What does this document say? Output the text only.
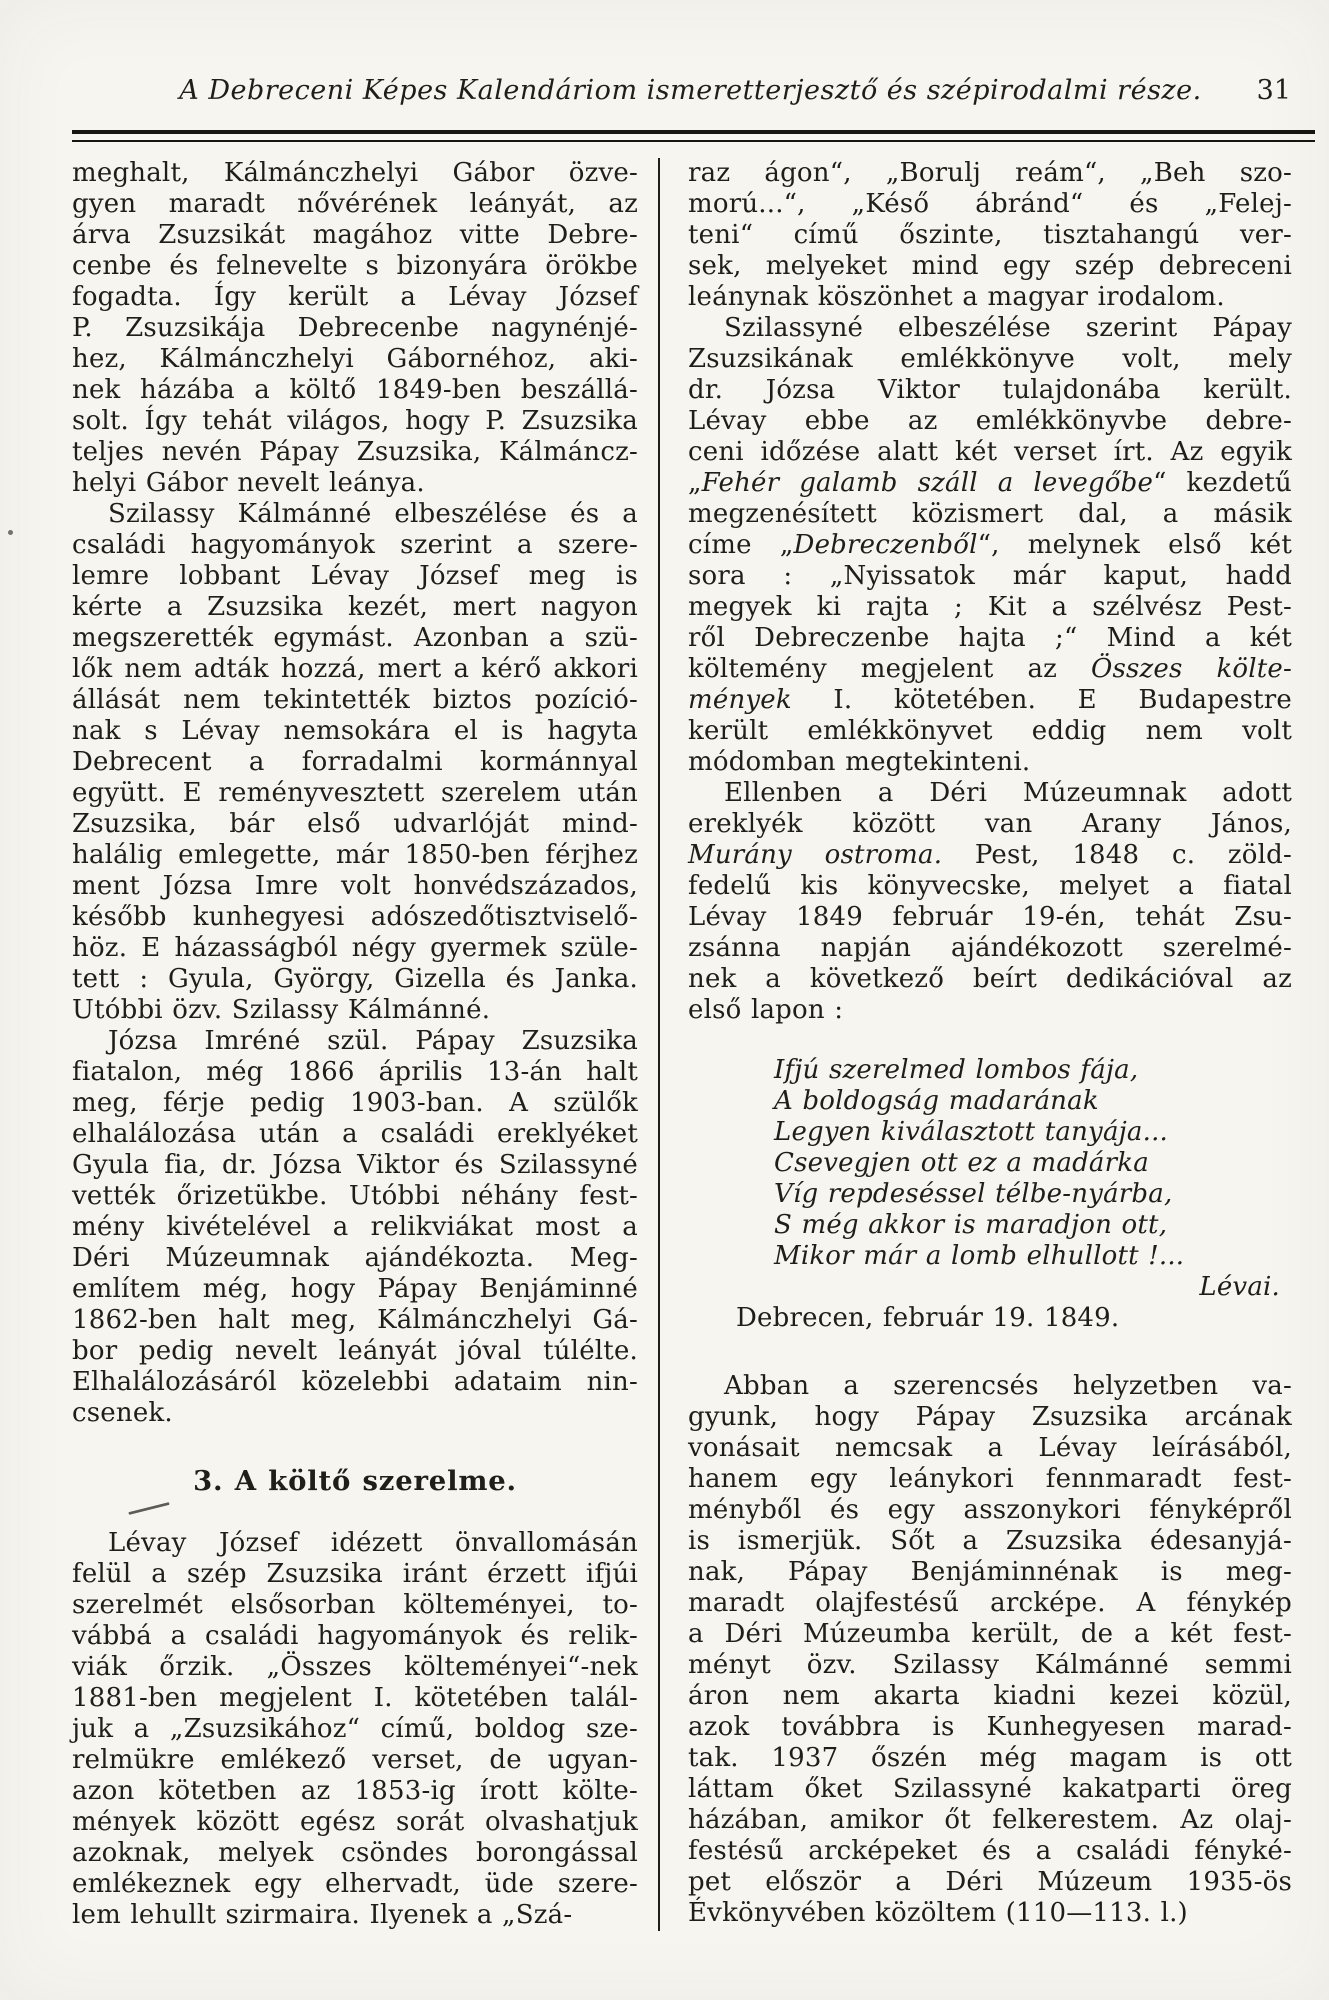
A Debreceni Képes Kalendáriom ismeretterjesztő és szépirodalmi része.	31
meghalt, Kálmánczhelyi Gábor özve-
gyen maradt nővérének leányát, az
árva Zsuzsikát magához vitte Debre-
cenbe és felnevelte s bizonyára örökbe
fogadta. Így került a Lévay József
P. Zsuzsikája Debrecenbe nagynénjé-
hez, Kálmánczhelyi Gábornéhoz, aki-
nek házába a költő 1849-ben beszállá-
solt. Így tehát világos, hogy P. Zsuzsika
teljes nevén Pápay Zsuzsika, Kálmáncz-
helyi Gábor nevelt leánya.
Szilassy Kálmánné elbeszélése és a
családi hagyományok szerint a szere-
lemre lobbant Lévay József meg is
kérte a Zsuzsika kezét, mert nagyon
megszerették egymást. Azonban a szü-
lők nem adták hozzá, mert a kérő akkori
állását nem tekintették biztos pozíció-
nak s Lévay nemsokára el is hagyta
Debrecent a forradalmi kormánnyal
együtt. E reményvesztett szerelem után
Zsuzsika, bár első udvarlóját mind-
halálig emlegette, már 1850-ben férjhez
ment Józsa Imre volt honvédszázados,
később kunhegyesi adószedőtisztviselő-
höz. E házasságból négy gyermek szüle-
tett : Gyula, György, Gizella és Janka.
Utóbbi özv. Szilassy Kálmánné.
Józsa Imréné szül. Pápay Zsuzsika
fiatalon, még 1866 április 13-án halt
meg, férje pedig 1903-ban. A szülők
elhalálozása után a családi ereklyéket
Gyula fia, dr. Józsa Viktor és Szilassyné
vették őrizetükbe. Utóbbi néhány fest-
mény kivételével a relikviákat most a
Déri Múzeumnak ajándékozta. Meg-
említem még, hogy Pápay Benjáminné
1862-ben halt meg, Kálmánczhelyi Gá-
bor pedig nevelt leányát jóval túlélte.
Elhalálozásáról közelebbi adataim nin-
csenek.
3. A költő szerelme.
Lévay József idézett önvallomásán
felül a szép Zsuzsika iránt érzett ifjúi
szerelmét elsősorban költeményei, to-
vábbá a családi hagyományok és relik-
viák őrzik. „Összes költeményei“-nek
1881-ben megjelent I. kötetében talál-
juk a „Zsuzsikához“ című, boldog sze-
relmükre emlékező verset, de ugyan-
azon kötetben az 1853-ig írott költe-
mények között egész sorát olvashatjuk
azoknak, melyek csöndes borongással
emlékeznek egy elhervadt, üde szere-
lem lehullt szirmaira. Ilyenek a „Szá-
raz ágon“, „Borulj reám“, „Beh szo-
morú...“, „Késő ábránd“ és „Felej-
teni“ című őszinte, tisztahangú ver-
sek, melyeket mind egy szép debreceni
leánynak köszönhet a magyar irodalom.
Szilassyné elbeszélése szerint Pápay
Zsuzsikának emlékkönyve volt, mely
dr. Józsa Viktor tulajdonába került.
Lévay ebbe az emlékkönyvbe debre-
ceni időzése alatt két verset írt. Az egyik
„Fehér galamb száll a levegőbe“ kezdetű
megzenésített közismert dal, a másik
címe „Debreczenből“, melynek első két
sora : „Nyissatok már kaput, hadd
megyek ki rajta ; Kit a szélvész Pest-
ről Debreczenbe hajta ;“ Mind a két
költemény megjelent az Összes költe-
mények I. kötetében. E Budapestre
került emlékkönyvet eddig nem volt
módomban megtekinteni.
Ellenben a Déri Múzeumnak adott
ereklyék között van Arany János,
Murány ostroma. Pest, 1848 c. zöld-
fedelű kis könyvecske, melyet a fiatal
Lévay 1849 február 19-én, tehát Zsu-
zsánna napján ajándékozott szerelmé-
nek a következő beírt dedikációval az
első lapon :
Ifjú szerelmed lombos fája,
A boldogság madarának
Legyen kiválasztott tanyája...
Csevegjen ott ez a madárka
Víg repdeséssel télbe-nyárba,
S még akkor is maradjon ott,
Mikor már a lomb elhullott !...
Lévai.
Debrecen, február 19. 1849.
Abban a szerencsés helyzetben va-
gyunk, hogy Pápay Zsuzsika arcának
vonásait nemcsak a Lévay leírásából,
hanem egy leánykori fennmaradt fest-
ményből és egy asszonykori fényképről
is ismerjük. Sőt a Zsuzsika édesanyjá-
nak, Pápay Benjáminnénak is meg-
maradt olajfestésű arcképe. A fénykép
a Déri Múzeumba került, de a két fest-
ményt özv. Szilassy Kálmánné semmi
áron nem akarta kiadni kezei közül,
azok továbbra is Kunhegyesen marad-
tak. 1937 őszén még magam is ott
láttam őket Szilassyné kakatparti öreg
házában, amikor őt felkerestem. Az olaj-
festésű arcképeket és a családi fényké-
pet először a Déri Múzeum 1935-ös
Évkönyvében közöltem (110—113. l.)
